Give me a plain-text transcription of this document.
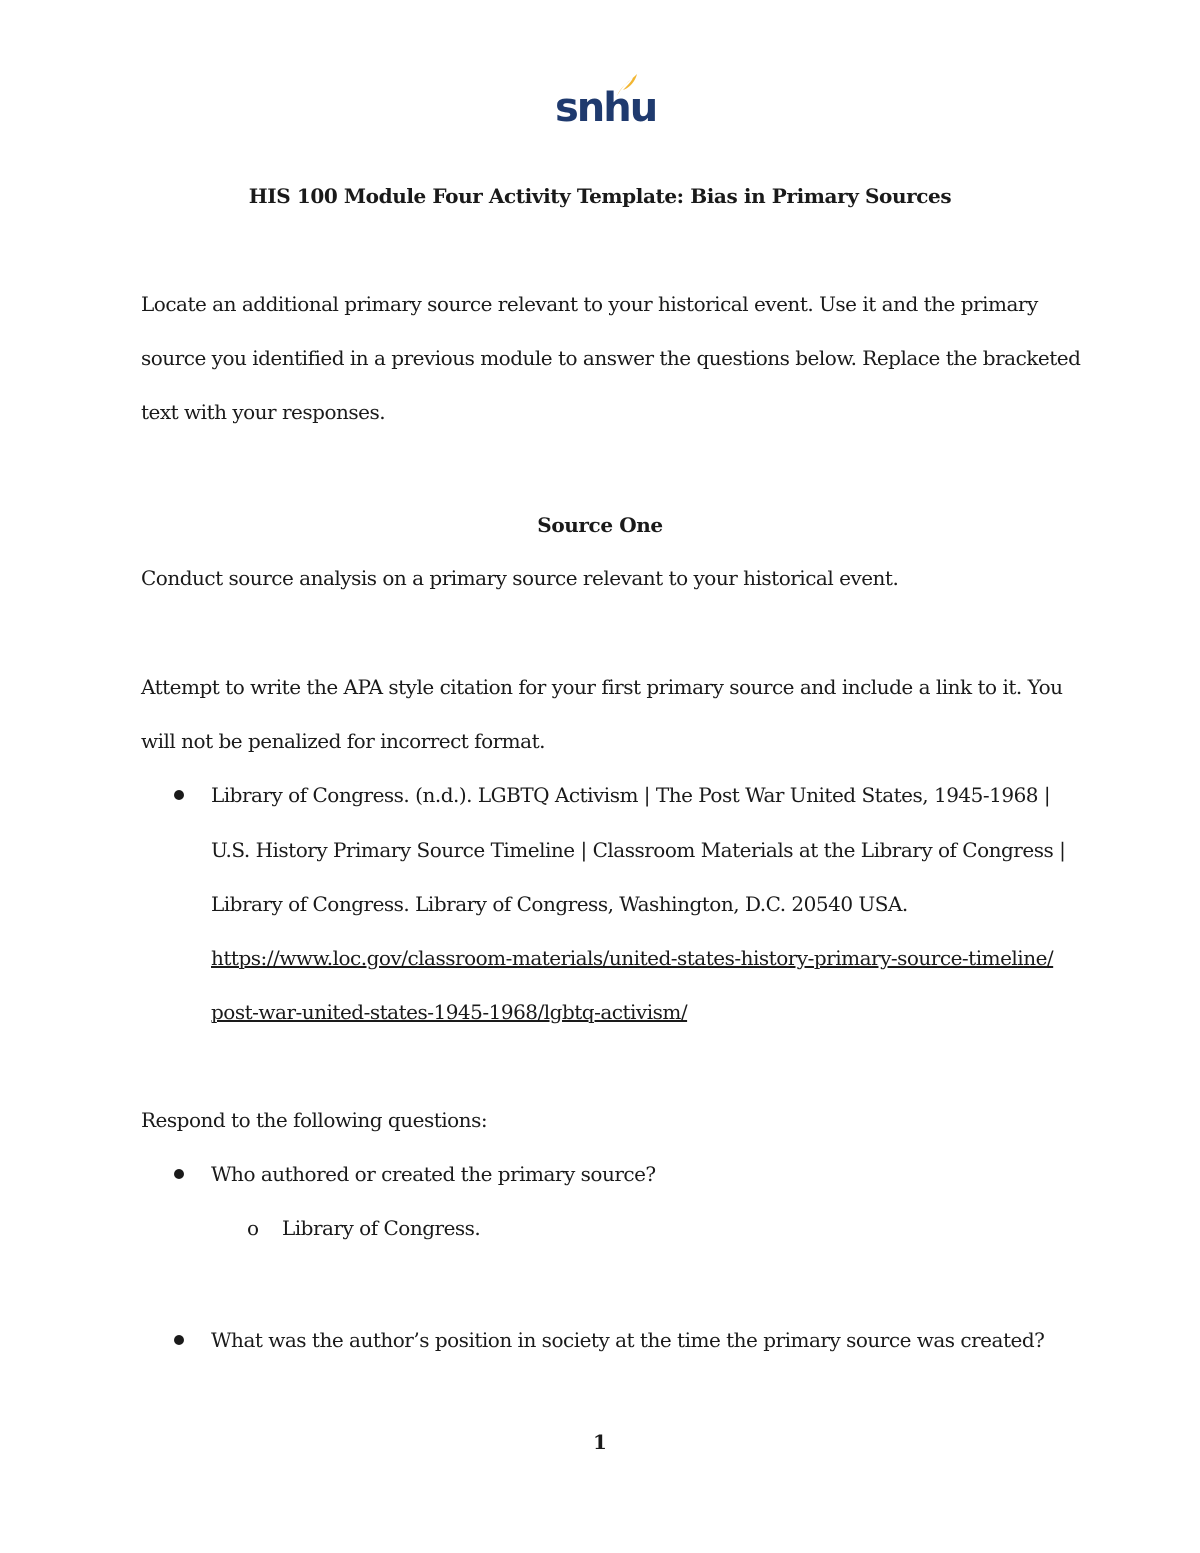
snhu
HIS 100 Module Four Activity Template: Bias in Primary Sources
Locate an additional primary source relevant to your historical event. Use it and the primary
source you identified in a previous module to answer the questions below. Replace the bracketed
text with your responses.
Source One
Conduct source analysis on a primary source relevant to your historical event.
Attempt to write the APA style citation for your first primary source and include a link to it. You
will not be penalized for incorrect format.
Library of Congress. (n.d.). LGBTQ Activism | The Post War United States, 1945-1968 |
U.S. History Primary Source Timeline | Classroom Materials at the Library of Congress |
Library of Congress. Library of Congress, Washington, D.C. 20540 USA.
https://www.loc.gov/classroom-materials/united-states-history-primary-source-timeline/
post-war-united-states-1945-1968/lgbtq-activism/
Respond to the following questions:
Who authored or created the primary source?
o Library of Congress.
What was the author’s position in society at the time the primary source was created?
1
